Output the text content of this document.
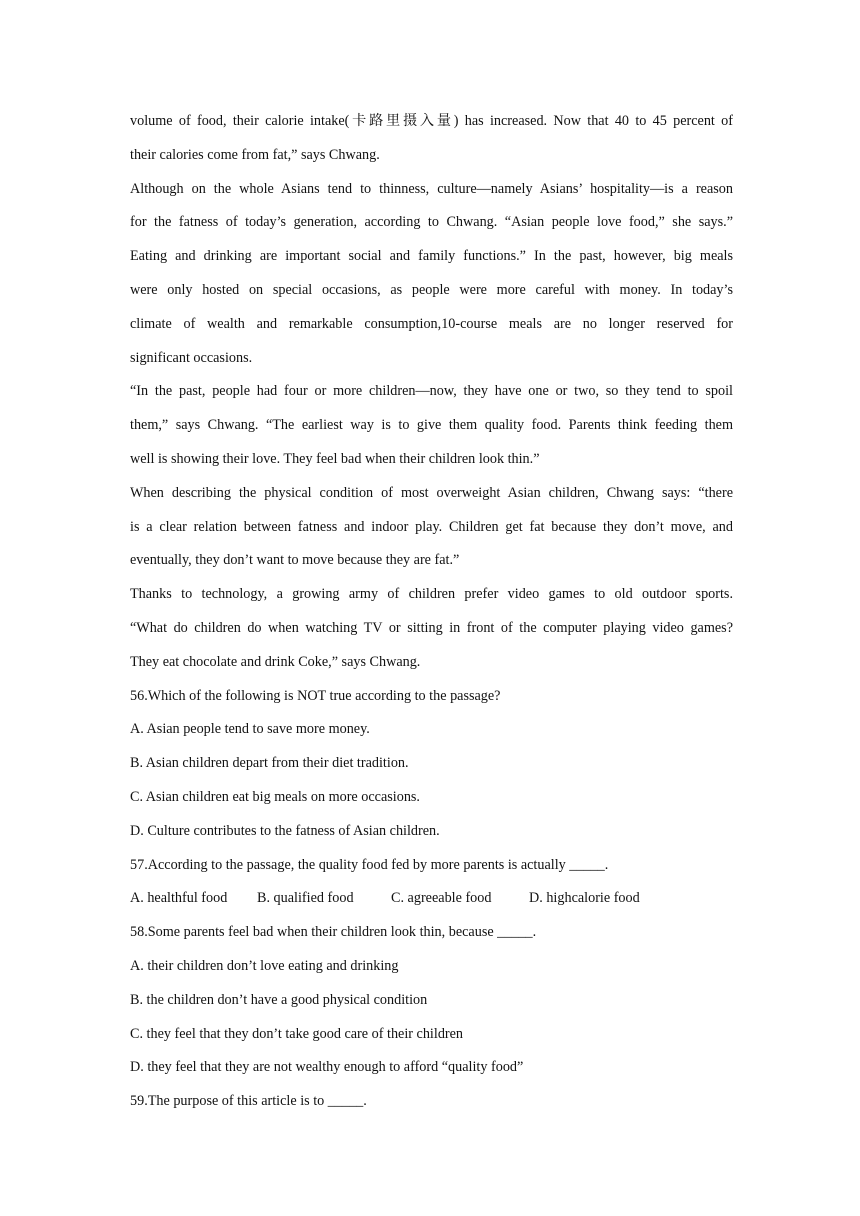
volume of food, their calorie intake(卡路里摄入量) has increased. Now that 40 to 45 percent of
their calories come from fat,” says Chwang.
Although on the whole Asians tend to thinness, culture—namely Asians’ hospitality—is a reason
for the fatness of today’s generation, according to Chwang. “Asian people love food,” she says.”
Eating and drinking are important social and family functions.” In the past, however, big meals
were only hosted on special occasions, as people were more careful with money. In today’s
climate of wealth and remarkable consumption,10-course meals are no longer reserved for
significant occasions.
“In the past, people had four or more children—now, they have one or two, so they tend to spoil
them,” says Chwang. “The earliest way is to give them quality food. Parents think feeding them
well is showing their love. They feel bad when their children look thin.”
When describing the physical condition of most overweight Asian children, Chwang says: “there
is a clear relation between fatness and indoor play. Children get fat because they don’t move, and
eventually, they don’t want to move because they are fat.”
Thanks to technology, a growing army of children prefer video games to old outdoor sports.
“What do children do when watching TV or sitting in front of the computer playing video games?
They eat chocolate and drink Coke,” says Chwang.
56.Which of the following is NOT true according to the passage?
A. Asian people tend to save more money.
B. Asian children depart from their diet tradition.
C. Asian children eat big meals on more occasions.
D. Culture contributes to the fatness of Asian children.
57.According to the passage, the quality food fed by more parents is actually _____.
A. healthful food	B. qualified food	C. agreeable food	D. highcalorie food
58.Some parents feel bad when their children look thin, because _____.
A. their children don’t love eating and drinking
B. the children don’t have a good physical condition
C. they feel that they don’t take good care of their children
D. they feel that they are not wealthy enough to afford “quality food”
59.The purpose of this article is to _____.
